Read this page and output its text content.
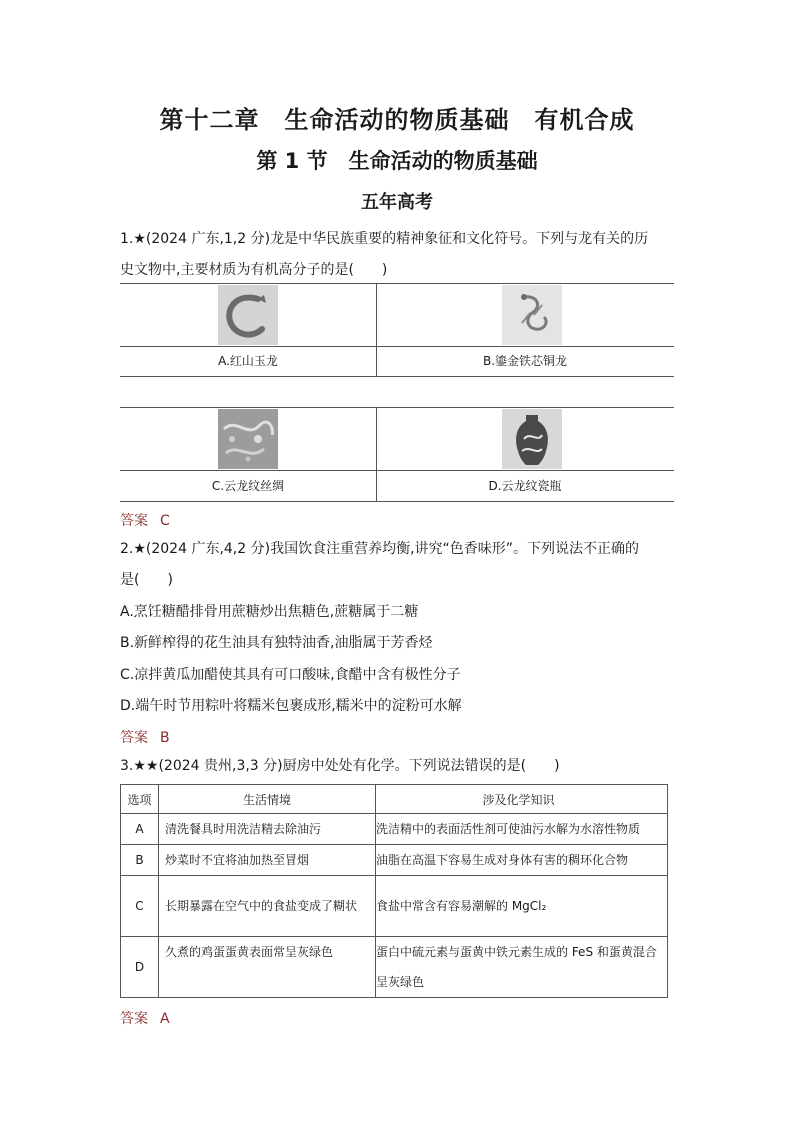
第十二章　生命活动的物质基础　有机合成
第 1 节　生命活动的物质基础
五年高考
1.★(2024 广东,1,2 分)龙是中华民族重要的精神象征和文化符号。下列与龙有关的历
史文物中,主要材质为有机高分子的是(　　)
A.红山玉龙	B.鎏金铁芯铜龙
C.云龙纹丝绸	D.云龙纹瓷瓶
答案 C
2.★(2024 广东,4,2 分)我国饮食注重营养均衡,讲究“色香味形”。下列说法不正确的
是(　　)
A.烹饪糖醋排骨用蔗糖炒出焦糖色,蔗糖属于二糖
B.新鲜榨得的花生油具有独特油香,油脂属于芳香烃
C.凉拌黄瓜加醋使其具有可口酸味,食醋中含有极性分子
D.端午时节用粽叶将糯米包裹成形,糯米中的淀粉可水解
答案 B
3.★★(2024 贵州,3,3 分)厨房中处处有化学。下列说法错误的是(　　)
选项	生活情境	涉及化学知识
A	清洗餐具时用洗洁精去除油污	洗洁精中的表面活性剂可使油污水解为水溶性物质
B	炒菜时不宜将油加热至冒烟	油脂在高温下容易生成对身体有害的稠环化合物
C	长期暴露在空气中的食盐变成了糊状	食盐中常含有容易潮解的 MgCl₂
D	久煮的鸡蛋蛋黄表面常呈灰绿色	蛋白中硫元素与蛋黄中铁元素生成的 FeS 和蛋黄混合呈灰绿色
答案 A
